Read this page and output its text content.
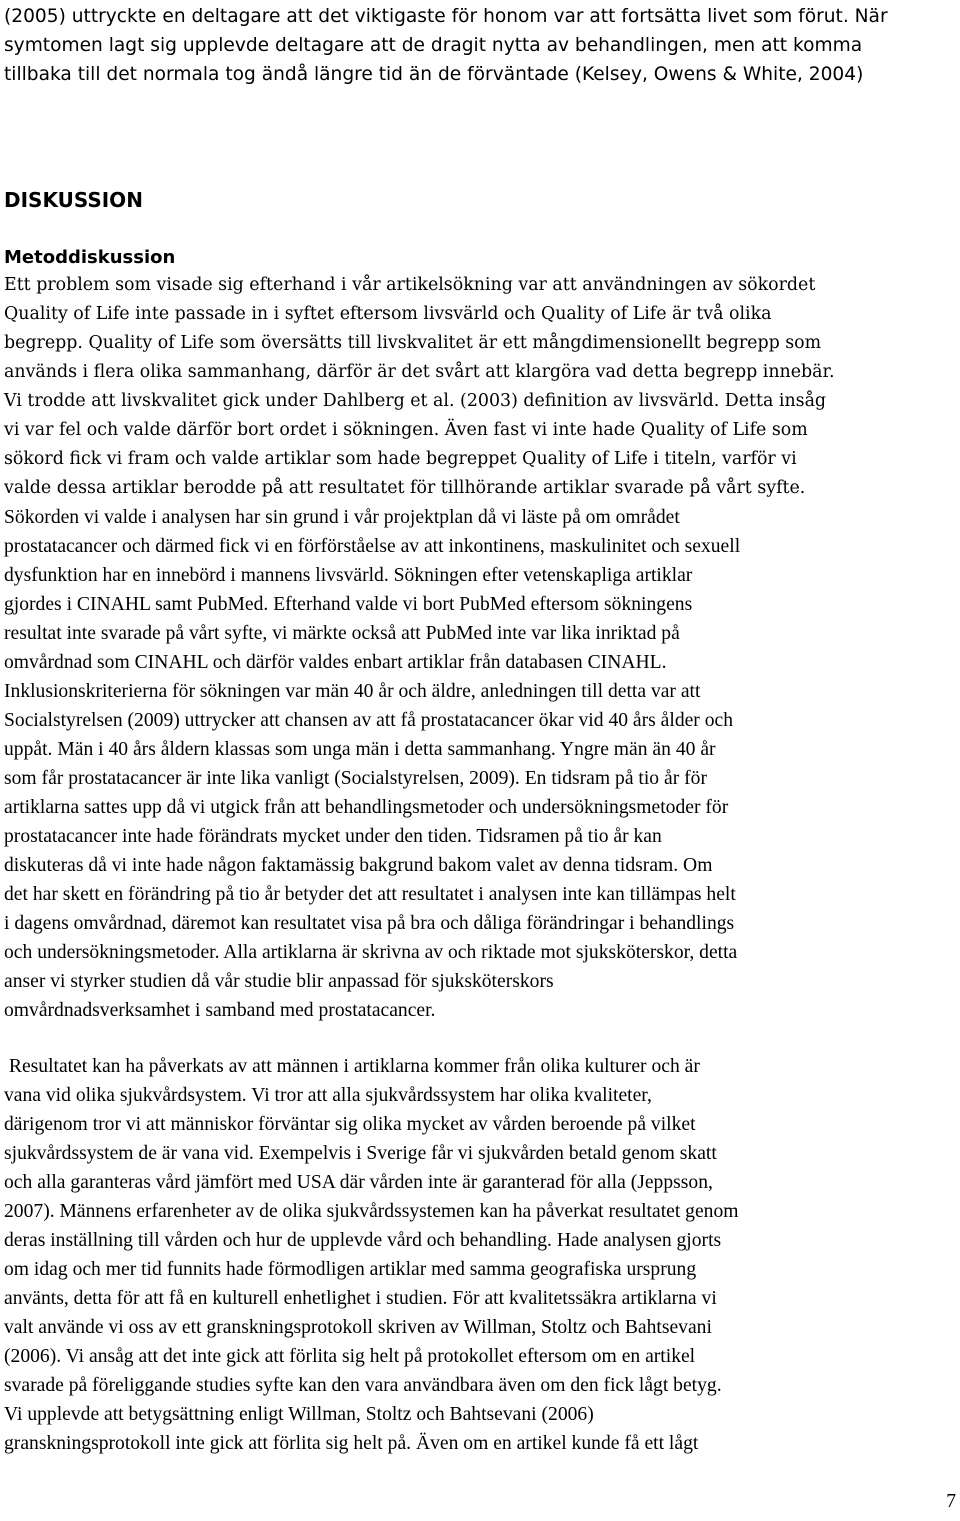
(2005) uttryckte en deltagare att det viktigaste för honom var att fortsätta livet som förut. När
symtomen lagt sig upplevde deltagare att de dragit nytta av behandlingen, men att komma
tillbaka till det normala tog ändå längre tid än de förväntade (Kelsey, Owens & White, 2004)
DISKUSSION
Metoddiskussion
Ett problem som visade sig efterhand i vår artikelsökning var att användningen av sökordet
Quality of Life inte passade in i syftet eftersom livsvärld och Quality of Life är två olika
begrepp. Quality of Life som översätts till livskvalitet är ett mångdimensionellt begrepp som
används i flera olika sammanhang, därför är det svårt att klargöra vad detta begrepp innebär.
Vi trodde att livskvalitet gick under Dahlberg et al. (2003) definition av livsvärld. Detta insåg
vi var fel och valde därför bort ordet i sökningen. Även fast vi inte hade Quality of Life som
sökord fick vi fram och valde artiklar som hade begreppet Quality of Life i titeln, varför vi
valde dessa artiklar berodde på att resultatet för tillhörande artiklar svarade på vårt syfte.
Sökorden vi valde i analysen har sin grund i vår projektplan då vi läste på om området
prostatacancer och därmed fick vi en förförståelse av att inkontinens, maskulinitet och sexuell
dysfunktion har en innebörd i mannens livsvärld. Sökningen efter vetenskapliga artiklar
gjordes i CINAHL samt PubMed. Efterhand valde vi bort PubMed eftersom sökningens
resultat inte svarade på vårt syfte, vi märkte också att PubMed inte var lika inriktad på
omvårdnad som CINAHL och därför valdes enbart artiklar från databasen CINAHL.
Inklusionskriterierna för sökningen var män 40 år och äldre, anledningen till detta var att
Socialstyrelsen (2009) uttrycker att chansen av att få prostatacancer ökar vid 40 års ålder och
uppåt. Män i 40 års åldern klassas som unga män i detta sammanhang. Yngre män än 40 år
som får prostatacancer är inte lika vanligt (Socialstyrelsen, 2009). En tidsram på tio år för
artiklarna sattes upp då vi utgick från att behandlingsmetoder och undersökningsmetoder för
prostatacancer inte hade förändrats mycket under den tiden. Tidsramen på tio år kan
diskuteras då vi inte hade någon faktamässig bakgrund bakom valet av denna tidsram. Om
det har skett en förändring på tio år betyder det att resultatet i analysen inte kan tillämpas helt
i dagens omvårdnad, däremot kan resultatet visa på bra och dåliga förändringar i behandlings
och undersökningsmetoder. Alla artiklarna är skrivna av och riktade mot sjuksköterskor, detta
anser vi styrker studien då vår studie blir anpassad för sjuksköterskors
omvårdnadsverksamhet i samband med prostatacancer.
Resultatet kan ha påverkats av att männen i artiklarna kommer från olika kulturer och är
vana vid olika sjukvårdsystem. Vi tror att alla sjukvårdssystem har olika kvaliteter,
därigenom tror vi att människor förväntar sig olika mycket av vården beroende på vilket
sjukvårdssystem de är vana vid. Exempelvis i Sverige får vi sjukvården betald genom skatt
och alla garanteras vård jämfört med USA där vården inte är garanterad för alla (Jeppsson,
2007). Männens erfarenheter av de olika sjukvårdssystemen kan ha påverkat resultatet genom
deras inställning till vården och hur de upplevde vård och behandling. Hade analysen gjorts
om idag och mer tid funnits hade förmodligen artiklar med samma geografiska ursprung
använts, detta för att få en kulturell enhetlighet i studien. För att kvalitetssäkra artiklarna vi
valt använde vi oss av ett granskningsprotokoll skriven av Willman, Stoltz och Bahtsevani
(2006). Vi ansåg att det inte gick att förlita sig helt på protokollet eftersom om en artikel
svarade på föreliggande studies syfte kan den vara användbara även om den fick lågt betyg.
Vi upplevde att betygsättning enligt Willman, Stoltz och Bahtsevani (2006)
granskningsprotokoll inte gick att förlita sig helt på. Även om en artikel kunde få ett lågt
7
